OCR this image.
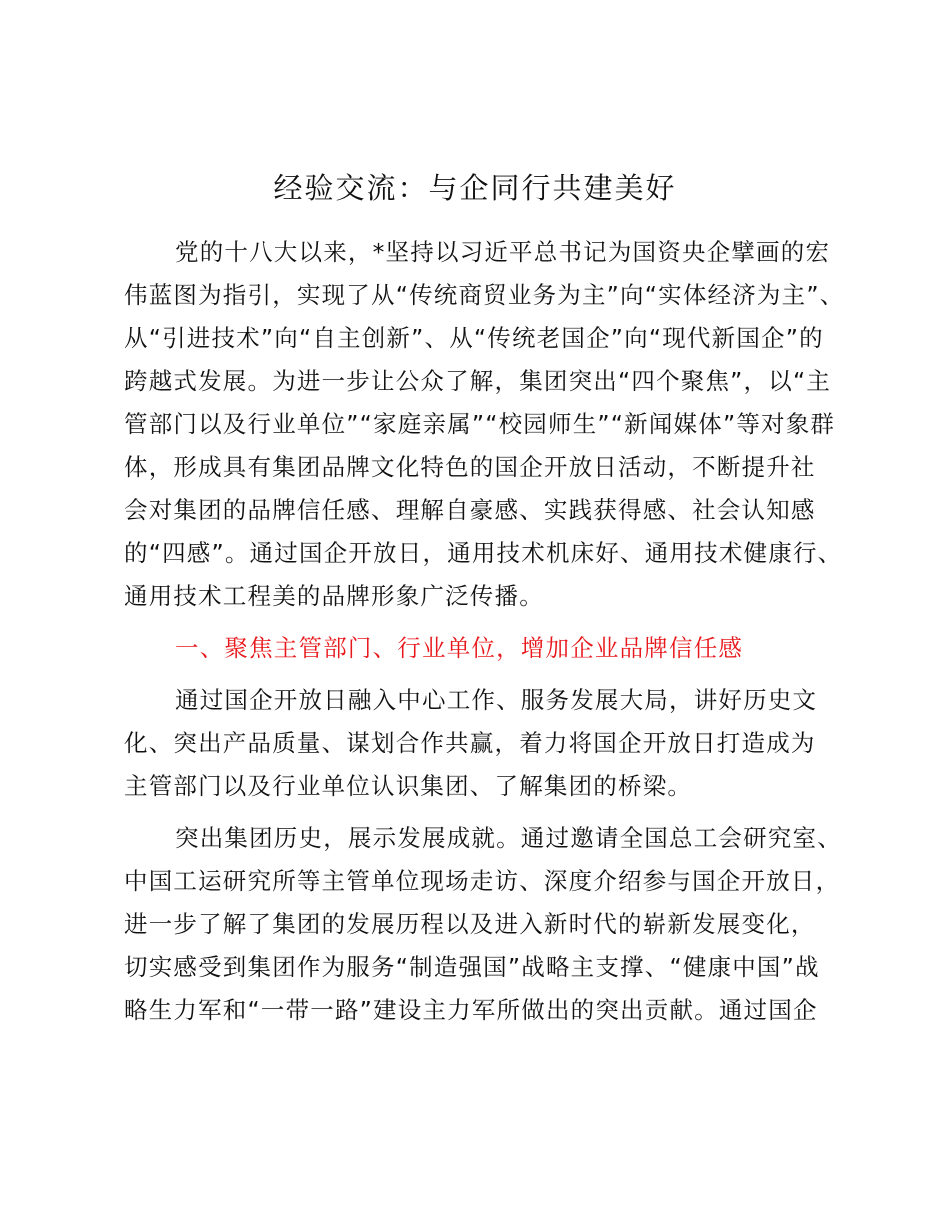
经验交流：与企同行共建美好

党的十八大以来，*坚持以习近平总书记为国资央企擘画的宏

伟蓝图为指引，实现了从“传统商贸业务为主”向“实体经济为主”、

从“引进技术”向“自主创新”、从“传统老国企”向“现代新国企”的

跨越式发展。为进一步让公众了解，集团突出“四个聚焦”，以“主

管部门以及行业单位”“家庭亲属”“校园师生”“新闻媒体”等对象群

体，形成具有集团品牌文化特色的国企开放日活动，不断提升社

会对集团的品牌信任感、理解自豪感、实践获得感、社会认知感

的“四感”。通过国企开放日，通用技术机床好、通用技术健康行、

通用技术工程美的品牌形象广泛传播。

一、聚焦主管部门、行业单位，增加企业品牌信任感

通过国企开放日融入中心工作、服务发展大局，讲好历史文

化、突出产品质量、谋划合作共赢，着力将国企开放日打造成为

主管部门以及行业单位认识集团、了解集团的桥梁。

突出集团历史，展示发展成就。通过邀请全国总工会研究室、

中国工运研究所等主管单位现场走访、深度介绍参与国企开放日，

进一步了解了集团的发展历程以及进入新时代的崭新发展变化，

切实感受到集团作为服务“制造强国”战略主支撑、“健康中国”战

略生力军和“一带一路”建设主力军所做出的突出贡献。通过国企
